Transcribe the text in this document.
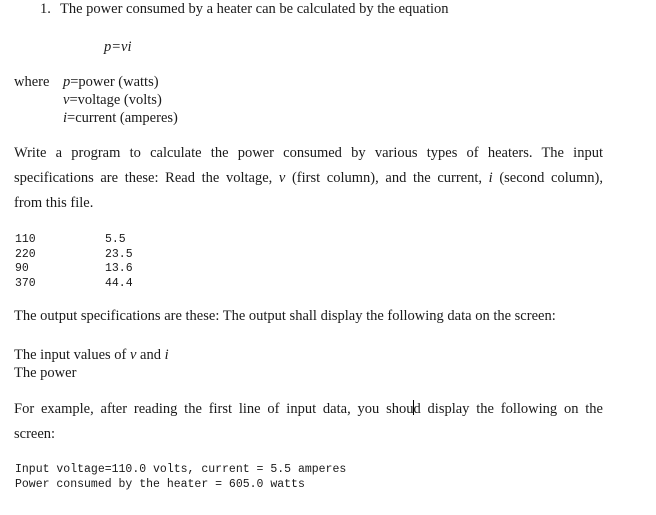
1. The power consumed by a heater can be calculated by the equation
p=vi
where p=power (watts)
v=voltage (volts)
i=current (amperes)
Write a program to calculate the power consumed by various types of heaters. The input
specifications are these: Read the voltage, v (first column), and the current, i (second column),
from this file.
110	5.5
220	23.5
90	13.6
370	44.4
The output specifications are these: The output shall display the following data on the screen:
The input values of v and i
The power
For example, after reading the first line of input data, you shoud display the following on the
screen:
Input voltage=110.0 volts, current = 5.5 amperes
Power consumed by the heater = 605.0 watts
